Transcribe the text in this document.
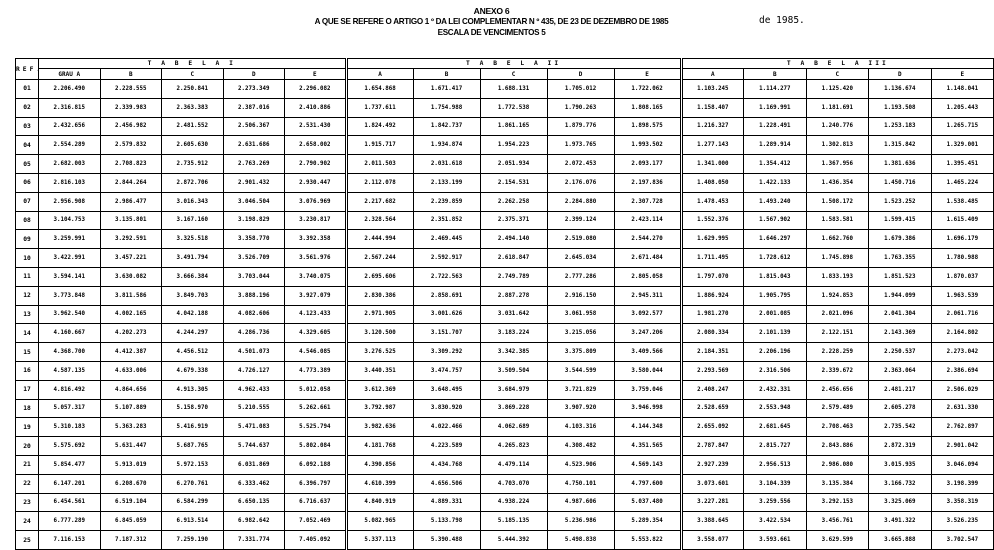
ANEXO 6
A QUE SE REFERE O ARTIGO 1 º DA LEI COMPLEMENTAR N º 435, DE 23 DE DEZEMBRO DE 1985
ESCALA DE VENCIMENTOS 5
de 1985.
REF.	T A B E L A I					T A B E L A II					T A B E L A III				
	GRAU A	B	C	D	E	A	B	C	D	E	A	B	C	D	E
01	2.206.490	2.228.555	2.250.841	2.273.349	2.296.082	1.654.868	1.671.417	1.688.131	1.705.012	1.722.062	1.103.245	1.114.277	1.125.420	1.136.674	1.148.041
02	2.316.815	2.339.983	2.363.383	2.387.016	2.410.886	1.737.611	1.754.988	1.772.538	1.790.263	1.808.165	1.158.407	1.169.991	1.181.691	1.193.508	1.205.443
03	2.432.656	2.456.982	2.481.552	2.506.367	2.531.430	1.824.492	1.842.737	1.861.165	1.879.776	1.898.575	1.216.327	1.228.491	1.240.776	1.253.183	1.265.715
04	2.554.289	2.579.832	2.605.630	2.631.686	2.658.002	1.915.717	1.934.874	1.954.223	1.973.765	1.993.502	1.277.143	1.289.914	1.302.813	1.315.842	1.329.001
05	2.682.003	2.708.823	2.735.912	2.763.269	2.790.902	2.011.503	2.031.618	2.051.934	2.072.453	2.093.177	1.341.000	1.354.412	1.367.956	1.381.636	1.395.451
06	2.816.103	2.844.264	2.872.706	2.901.432	2.930.447	2.112.078	2.133.199	2.154.531	2.176.076	2.197.836	1.408.050	1.422.133	1.436.354	1.450.716	1.465.224
07	2.956.908	2.986.477	3.016.343	3.046.504	3.076.969	2.217.682	2.239.859	2.262.258	2.284.880	2.307.728	1.478.453	1.493.240	1.508.172	1.523.252	1.538.485
08	3.104.753	3.135.801	3.167.160	3.198.829	3.230.817	2.328.564	2.351.852	2.375.371	2.399.124	2.423.114	1.552.376	1.567.902	1.583.581	1.599.415	1.615.409
09	3.259.991	3.292.591	3.325.518	3.358.770	3.392.358	2.444.994	2.469.445	2.494.140	2.519.080	2.544.270	1.629.995	1.646.297	1.662.760	1.679.386	1.696.179
10	3.422.991	3.457.221	3.491.794	3.526.709	3.561.976	2.567.244	2.592.917	2.618.847	2.645.034	2.671.484	1.711.495	1.728.612	1.745.898	1.763.355	1.780.988
11	3.594.141	3.630.082	3.666.384	3.703.044	3.740.075	2.695.606	2.722.563	2.749.789	2.777.286	2.805.058	1.797.070	1.815.043	1.833.193	1.851.523	1.870.037
12	3.773.848	3.811.586	3.849.703	3.888.196	3.927.079	2.830.386	2.858.691	2.887.278	2.916.150	2.945.311	1.886.924	1.905.795	1.924.853	1.944.099	1.963.539
13	3.962.540	4.002.165	4.042.188	4.082.606	4.123.433	2.971.905	3.001.626	3.031.642	3.061.958	3.092.577	1.981.270	2.001.085	2.021.096	2.041.304	2.061.716
14	4.160.667	4.202.273	4.244.297	4.286.736	4.329.605	3.120.500	3.151.707	3.183.224	3.215.056	3.247.206	2.080.334	2.101.139	2.122.151	2.143.369	2.164.802
15	4.368.700	4.412.387	4.456.512	4.501.073	4.546.085	3.276.525	3.309.292	3.342.385	3.375.809	3.409.566	2.184.351	2.206.196	2.228.259	2.250.537	2.273.042
16	4.587.135	4.633.006	4.679.338	4.726.127	4.773.389	3.440.351	3.474.757	3.509.504	3.544.599	3.580.044	2.293.569	2.316.506	2.339.672	2.363.064	2.386.694
17	4.816.492	4.864.656	4.913.305	4.962.433	5.012.058	3.612.369	3.648.495	3.684.979	3.721.829	3.759.046	2.408.247	2.432.331	2.456.656	2.481.217	2.506.029
18	5.057.317	5.107.889	5.158.970	5.210.555	5.262.661	3.792.987	3.830.920	3.869.228	3.907.920	3.946.998	2.528.659	2.553.948	2.579.489	2.605.278	2.631.330
19	5.310.183	5.363.283	5.416.919	5.471.083	5.525.794	3.982.636	4.022.466	4.062.689	4.103.316	4.144.348	2.655.092	2.681.645	2.708.463	2.735.542	2.762.897
20	5.575.692	5.631.447	5.687.765	5.744.637	5.802.084	4.181.768	4.223.589	4.265.823	4.308.482	4.351.565	2.787.847	2.815.727	2.843.886	2.872.319	2.901.042
21	5.854.477	5.913.019	5.972.153	6.031.869	6.092.188	4.390.856	4.434.768	4.479.114	4.523.906	4.569.143	2.927.239	2.956.513	2.986.080	3.015.935	3.046.094
22	6.147.201	6.208.670	6.270.761	6.333.462	6.396.797	4.610.399	4.656.506	4.703.070	4.750.101	4.797.600	3.073.601	3.104.339	3.135.384	3.166.732	3.198.399
23	6.454.561	6.519.104	6.584.299	6.650.135	6.716.637	4.840.919	4.889.331	4.938.224	4.987.606	5.037.480	3.227.281	3.259.556	3.292.153	3.325.069	3.358.319
24	6.777.289	6.845.059	6.913.514	6.982.642	7.052.469	5.082.965	5.133.798	5.185.135	5.236.986	5.289.354	3.388.645	3.422.534	3.456.761	3.491.322	3.526.235
25	7.116.153	7.187.312	7.259.190	7.331.774	7.405.092	5.337.113	5.390.488	5.444.392	5.498.838	5.553.822	3.558.077	3.593.661	3.629.599	3.665.888	3.702.547
